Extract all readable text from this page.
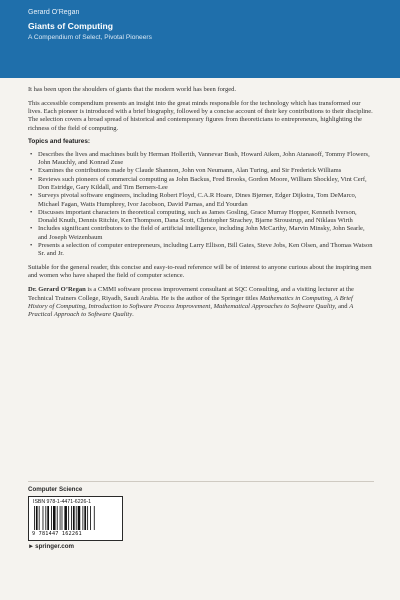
Gerard O’Regan
Giants of Computing
A Compendium of Select, Pivotal Pioneers

It has been upon the shoulders of giants that the modern world has been forged.

This accessible compendium presents an insight into the great minds responsible for the technology which has transformed our lives. Each pioneer is introduced with a brief biography, followed by a concise account of their key contributions to their discipline. The selection covers a broad spread of historical and contemporary figures from theoreticians to entrepreneurs, highlighting the richness of the field of computing.

Topics and features:
• Describes the lives and machines built by Herman Hollerith, Vannevar Bush, Howard Aiken, John Atanasoff, Tommy Flowers, John Mauchly, and Konrad Zuse
• Examines the contributions made by Claude Shannon, John von Neumann, Alan Turing, and Sir Frederick Williams
• Reviews such pioneers of commercial computing as John Backus, Fred Brooks, Gordon Moore, William Shockley, Vint Cerf, Don Estridge, Gary Kildall, and Tim Berners-Lee
• Surveys pivotal software engineers, including Robert Floyd, C.A.R Hoare, Dines Bjørner, Edger Dijkstra, Tom DeMarco, Michael Fagan, Watts Humphrey, Ivor Jacobson, David Parnas, and Ed Yourdan
• Discusses important characters in theoretical computing, such as James Gosling, Grace Murray Hopper, Kenneth Iverson, Donald Knuth, Dennis Ritchie, Ken Thompson, Dana Scott, Christopher Strachey, Bjarne Stroustrup, and Niklaus Wirth
• Includes significant contributors to the field of artificial intelligence, including John McCarthy, Marvin Minsky, John Searle, and Joseph Weizenbaum
• Presents a selection of computer entrepreneurs, including Larry Ellison, Bill Gates, Steve Jobs, Ken Olsen, and Thomas Watson Sr. and Jr.

Suitable for the general reader, this concise and easy-to-read reference will be of interest to anyone curious about the inspiring men and women who have shaped the field of computer science.

Dr. Gerard O’Regan is a CMMI software process improvement consultant at SQC Consulting, and a visiting lecturer at the Technical Trainers College, Riyadh, Saudi Arabia. He is the author of the Springer titles Mathematics in Computing, A Brief History of Computing, Introduction to Software Process Improvement, Mathematical Approaches to Software Quality, and A Practical Approach to Software Quality.

Computer Science
ISBN 978-1-4471-6226-1
9 781447 162261
►springer.com
